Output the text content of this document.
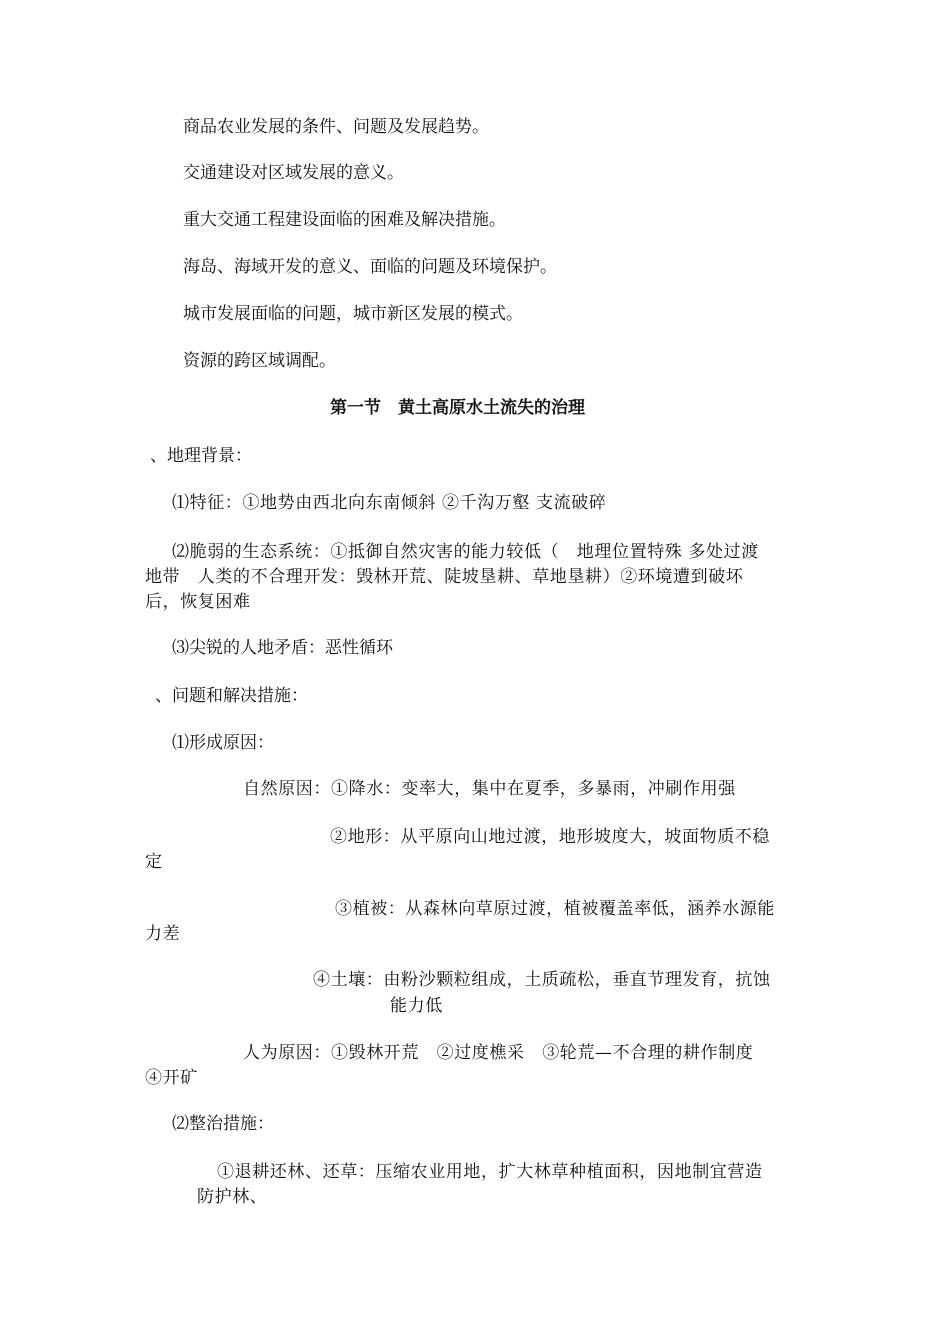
商品农业发展的条件、问题及发展趋势。
交通建设对区域发展的意义。
重大交通工程建设面临的困难及解决措施。
海岛、海域开发的意义、面临的问题及环境保护。
城市发展面临的问题，城市新区发展的模式。
资源的跨区域调配。
第一节　黄土高原水土流失的治理
、地理背景：
⑴特征：①地势由西北向东南倾斜 ②千沟万壑 支流破碎
⑵脆弱的生态系统：①抵御自然灾害的能力较低（　地理位置特殊 多处过渡
地带　人类的不合理开发：毁林开荒、陡坡垦耕、草地垦耕）②环境遭到破坏
后，恢复困难
⑶尖锐的人地矛盾：恶性循环
、问题和解决措施：
⑴形成原因：
自然原因：①降水：变率大，集中在夏季，多暴雨，冲刷作用强
②地形：从平原向山地过渡，地形坡度大，坡面物质不稳
定
③植被：从森林向草原过渡，植被覆盖率低，涵养水源能
力差
④土壤：由粉沙颗粒组成，土质疏松，垂直节理发育，抗蚀
能力低
人为原因：①毁林开荒　②过度樵采　③轮荒—不合理的耕作制度
④开矿
⑵整治措施：
①退耕还林、还草：压缩农业用地，扩大林草种植面积，因地制宜营造
防护林、
